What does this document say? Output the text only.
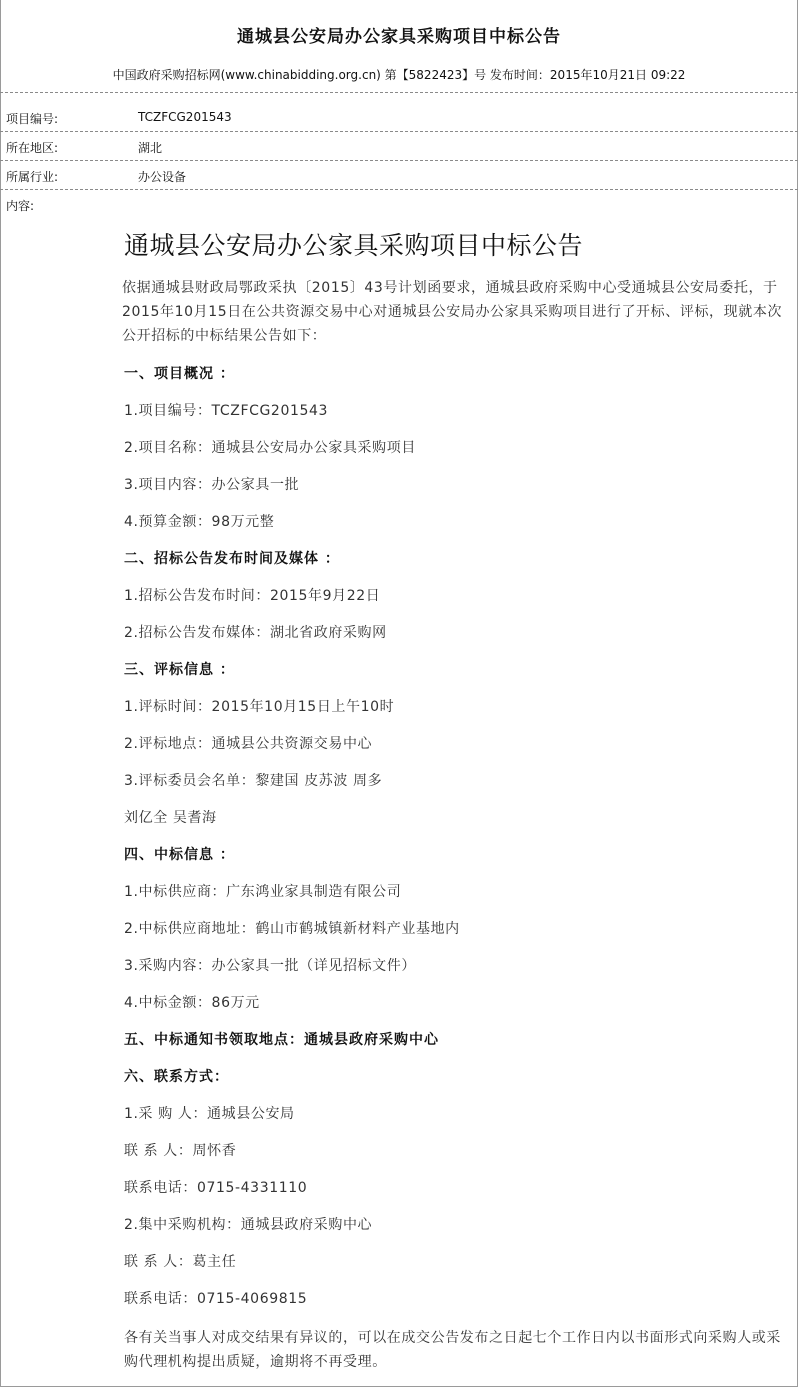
通城县公安局办公家具采购项目中标公告
中国政府采购招标网(www.chinabidding.org.cn) 第【5822423】号 发布时间：2015年10月21日 09:22
项目编号:	TCZFCG201543
所在地区:	湖北
所属行业:	办公设备
内容:
通城县公安局办公家具采购项目中标公告

依据通城县财政局鄂政采执〔2015〕43号计划函要求，通城县政府采购中心受通城县公安局委托，于2015年10月15日在公共资源交易中心对通城县公安局办公家具采购项目进行了开标、评标，现就本次公开招标的中标结果公告如下：

一、项目概况 ：
1.项目编号：TCZFCG201543
2.项目名称：通城县公安局办公家具采购项目
3.项目内容：办公家具一批
4.预算金额：98万元整
二、招标公告发布时间及媒体 ：
1.招标公告发布时间：2015年9月22日
2.招标公告发布媒体：湖北省政府采购网
三、评标信息 ：
1.评标时间：2015年10月15日上午10时
2.评标地点：通城县公共资源交易中心
3.评标委员会名单：黎建国 皮苏波 周多
刘亿全 吴耆海
四、中标信息 ：
1.中标供应商：广东鸿业家具制造有限公司
2.中标供应商地址：鹤山市鹤城镇新材料产业基地内
3.采购内容：办公家具一批（详见招标文件）
4.中标金额：86万元
五、中标通知书领取地点：通城县政府采购中心
六、联系方式：
1.采 购 人：通城县公安局
联 系 人：周怀香
联系电话：0715-4331110
2.集中采购机构：通城县政府采购中心
联 系 人：葛主任
联系电话：0715-4069815

各有关当事人对成交结果有异议的，可以在成交公告发布之日起七个工作日内以书面形式向采购人或采购代理机构提出质疑，逾期将不再受理。
